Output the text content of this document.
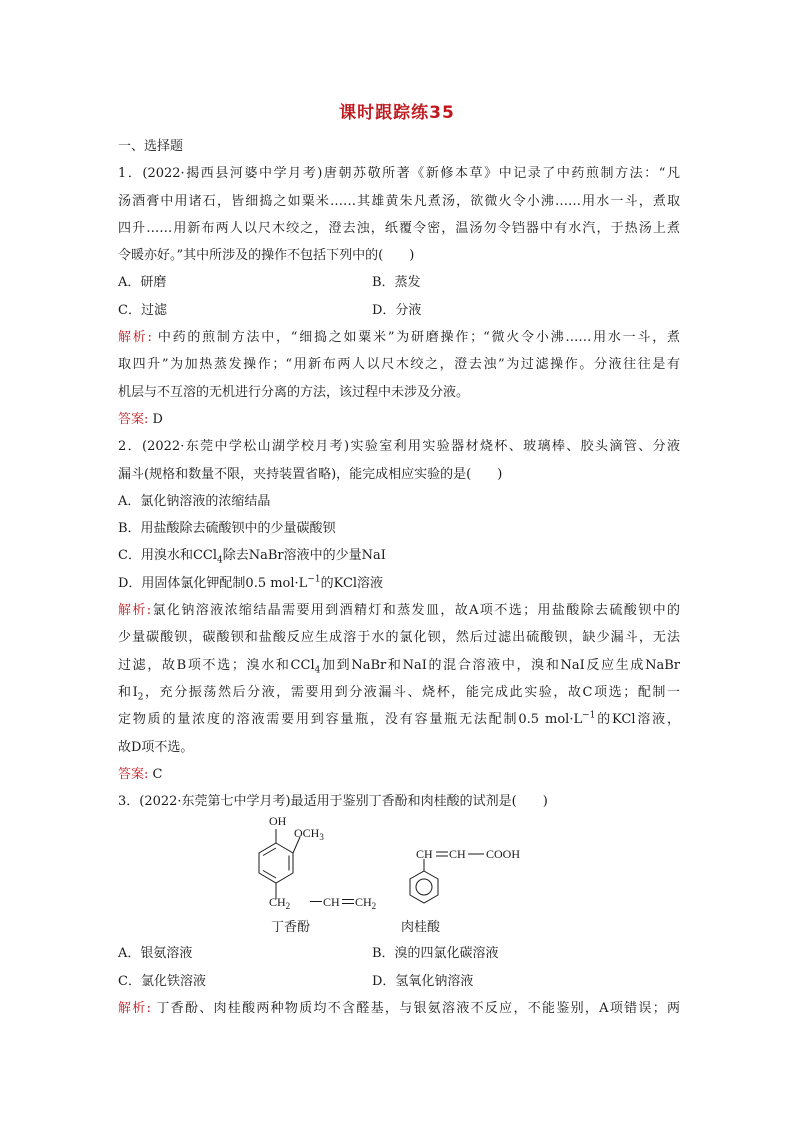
课时跟踪练35
一、选择题
1．(2022·揭西县河婆中学月考)唐朝苏敬所著《新修本草》中记录了中药煎制方法：“凡
汤酒膏中用诸石，皆细捣之如粟米……其雄黄朱凡煮汤，欲微火令小沸……用水一斗，煮取
四升……用新布两人以尺木绞之，澄去浊，纸覆令密，温汤勿令铛器中有水汽，于热汤上煮
令暖亦好。”其中所涉及的操作不包括下列中的(　　)
A．研磨	B．蒸发
C．过滤	D．分液
解析: 中药的煎制方法中，“细捣之如粟米”为研磨操作；“微火令小沸……用水一斗，煮
取四升”为加热蒸发操作；“用新布两人以尺木绞之，澄去浊”为过滤操作。分液往往是有
机层与不互溶的无机进行分离的方法，该过程中未涉及分液。
答案: D
2．(2022·东莞中学松山湖学校月考)实验室利用实验器材烧杯、玻璃棒、胶头滴管、分液
漏斗(规格和数量不限，夹持装置省略)，能完成相应实验的是(　　)
A．氯化钠溶液的浓缩结晶
B．用盐酸除去硫酸钡中的少量碳酸钡
C．用溴水和CCl$_4$除去NaBr溶液中的少量NaI
D．用固体氯化钾配制0.5 $mol\cdot L^{-1}$的KCl溶液
解析:氯化钠溶液浓缩结晶需要用到酒精灯和蒸发皿，故A项不选；用盐酸除去硫酸钡中的
少量碳酸钡，碳酸钡和盐酸反应生成溶于水的氯化钡，然后过滤出硫酸钡，缺少漏斗，无法
过滤，故B项不选；溴水和CCl$_4$加到NaBr和NaI的混合溶液中，溴和NaI反应生成NaBr
和$I_2$，充分振荡然后分液，需要用到分液漏斗、烧杯，能完成此实验，故C项选；配制一
定物质的量浓度的溶液需要用到容量瓶，没有容量瓶无法配制0.5 $mol\cdot L^{-1}$的KCl溶液，
故D项不选。
答案: C
3．(2022·东莞第七中学月考)最适用于鉴别丁香酚和肉桂酸的试剂是(　　)
OH
$OCH_3$
$CH_2$	CH $CH_2$
丁香酚
CH CH COOH
肉桂酸
A．银氨溶液	B．溴的四氯化碳溶液
C．氯化铁溶液	D．氢氧化钠溶液
解析: 丁香酚、肉桂酸两种物质均不含醛基，与银氨溶液不反应，不能鉴别，A项错误；两
